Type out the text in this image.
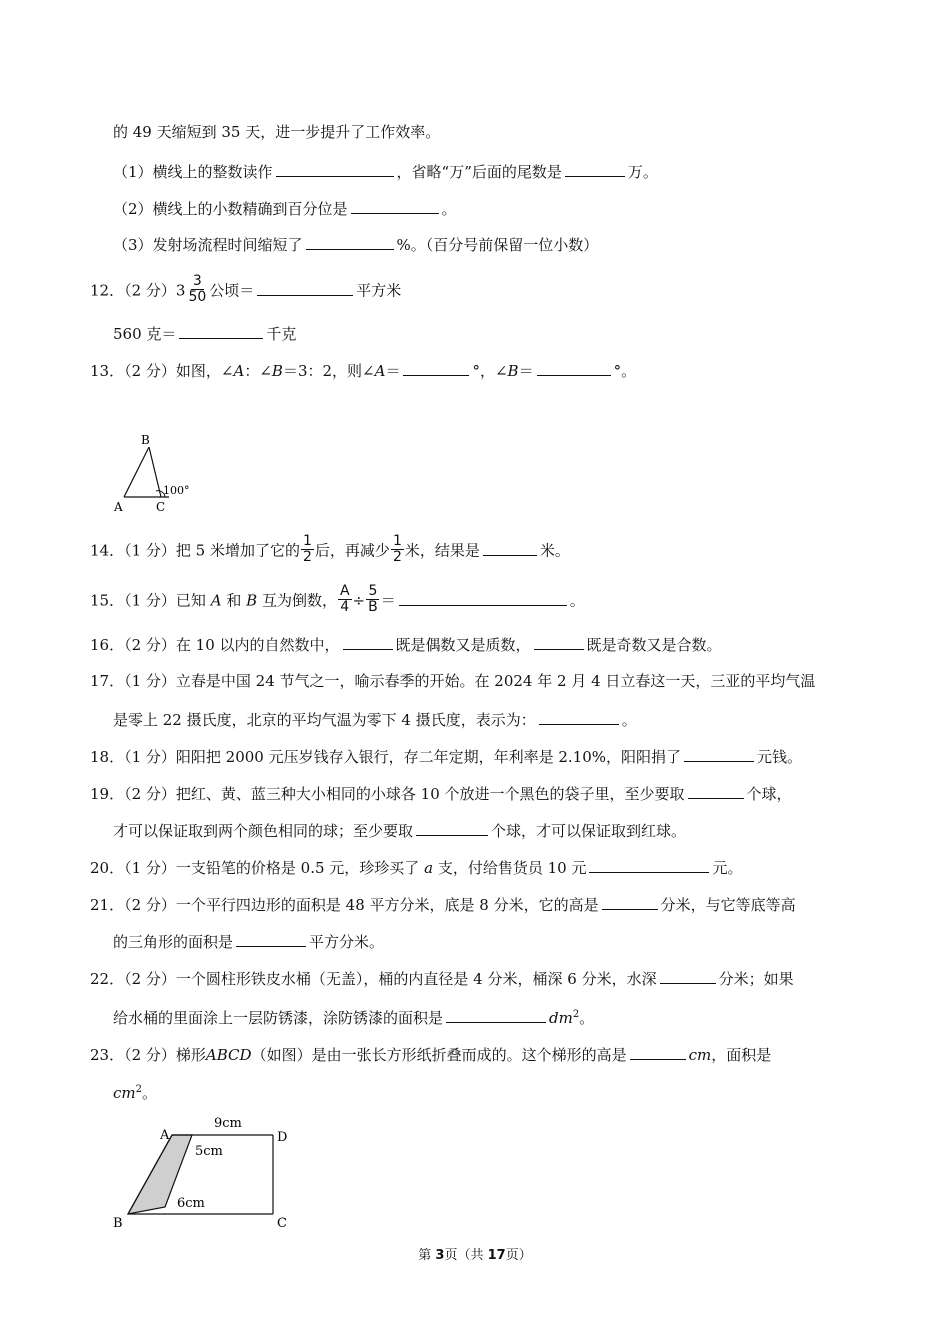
的 49 天缩短到 35 天，进一步提升了工作效率。
（1）横线上的整数读作	，省略“万”后面的尾数是	万。
（2）横线上的小数精确到百分位是	。
（3）发射场流程时间缩短了	%。（百分号前保留一位小数）
12．（2 分）$3 \frac{3}{50}$ 公顷＝	平方米
560 克＝	千克
13．（2 分）如图，∠A：∠B＝3：2，则∠A＝	°，∠B＝	°。
B
A	C
100°
14．（1 分）把 5 米增加了它的 $\frac{1}{2}$ 后，再减少 $\frac{1}{2}$ 米，结果是	米。
15．（1 分）已知 A 和 B 互为倒数， $\frac{A}{4} \div \frac{5}{B}$ ＝	。
16．（2 分）在 10 以内的自然数中，	既是偶数又是质数，	既是奇数又是合数。
17．（1 分）立春是中国 24 节气之一，喻示春季的开始。在 2024 年 2 月 4 日立春这一天，三亚的平均气温
是零上 22 摄氏度，北京的平均气温为零下 4 摄氏度，表示为：	。
18．（1 分）阳阳把 2000 元压岁钱存入银行，存二年定期，年利率是 2.10%，阳阳捐了	元钱。
19．（2 分）把红、黄、蓝三种大小相同的小球各 10 个放进一个黑色的袋子里，至少要取	个球，
才可以保证取到两个颜色相同的球；至少要取	个球，才可以保证取到红球。
20．（1 分）一支铅笔的价格是 0.5 元，珍珍买了 a 支，付给售货员 10 元	元。
21．（2 分）一个平行四边形的面积是 48 平方分米，底是 8 分米，它的高是	分米，与它等底等高
的三角形的面积是	平方分米。
22．（2 分）一个圆柱形铁皮水桶（无盖），桶的内直径是 4 分米，桶深 6 分米，水深	分米；如果
给水桶的里面涂上一层防锈漆，涂防锈漆的面积是	$dm^2$。
23．（2 分）梯形ABCD（如图）是由一张长方形纸折叠而成的。这个梯形的高是	cm，面积是
$cm^2$。
9cm
5cm
6cm
A	D
B	C
第 3页（共 17页）
